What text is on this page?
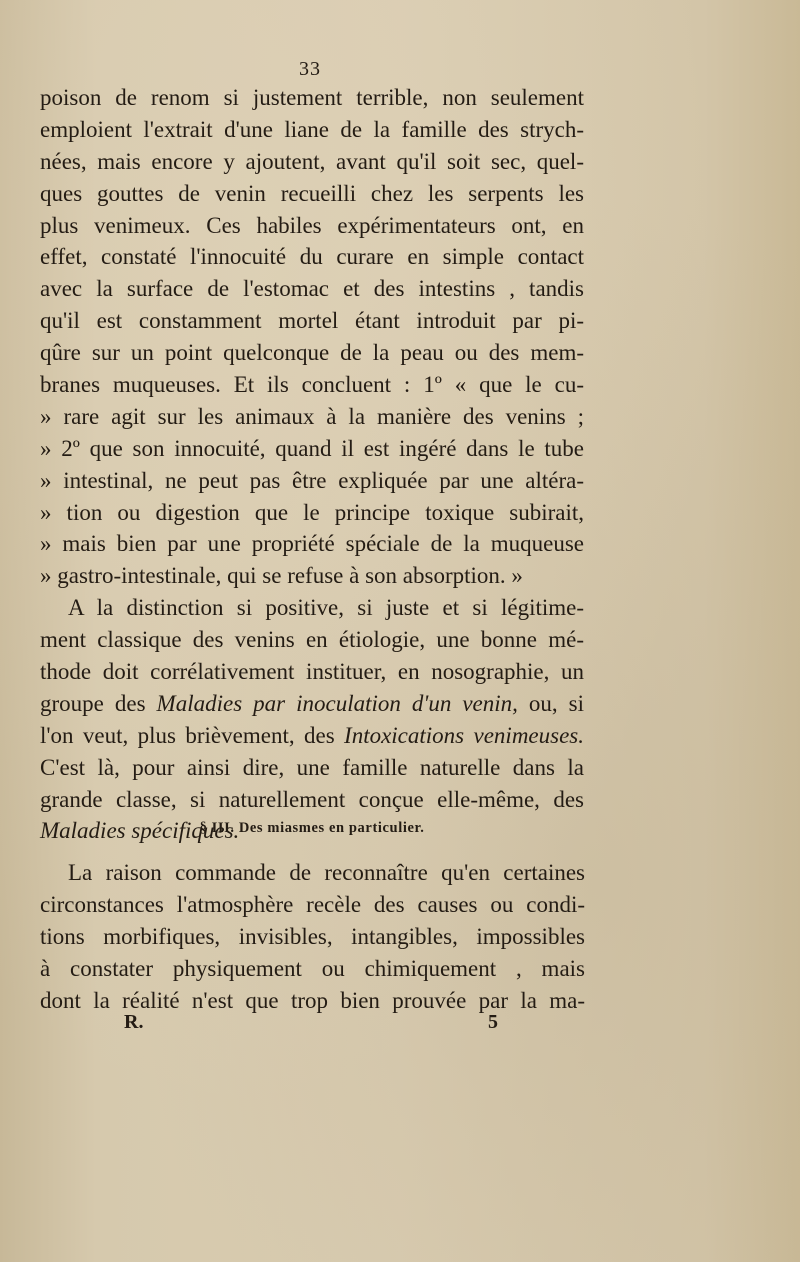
33
poison de renom si justement terrible, non seulement
emploient l'extrait d'une liane de la famille des strych-
nées, mais encore y ajoutent, avant qu'il soit sec, quel-
ques gouttes de venin recueilli chez les serpents les
plus venimeux. Ces habiles expérimentateurs ont, en
effet, constaté l'innocuité du curare en simple contact
avec la surface de l'estomac et des intestins , tandis
qu'il est constamment mortel étant introduit par pi-
qûre sur un point quelconque de la peau ou des mem-
branes muqueuses. Et ils concluent : 1º « que le cu-
» rare agit sur les animaux à la manière des venins ;
» 2º que son innocuité, quand il est ingéré dans le tube
» intestinal, ne peut pas être expliquée par une altéra-
» tion ou digestion que le principe toxique subirait,
» mais bien par une propriété spéciale de la muqueuse
» gastro-intestinale, qui se refuse à son absorption. »
A la distinction si positive, si juste et si légitime-
ment classique des venins en étiologie, une bonne mé-
thode doit corrélativement instituer, en nosographie, un
groupe des Maladies par inoculation d'un venin, ou, si
l'on veut, plus brièvement, des Intoxications venimeuses.
C'est là, pour ainsi dire, une famille naturelle dans la
grande classe, si naturellement conçue elle-même, des
Maladies spécifiques.
§ III. Des miasmes en particulier.
La raison commande de reconnaître qu'en certaines
circonstances l'atmosphère recèle des causes ou condi-
tions morbifiques, invisibles, intangibles, impossibles
à constater physiquement ou chimiquement , mais
dont la réalité n'est que trop bien prouvée par la ma-
R.	5
